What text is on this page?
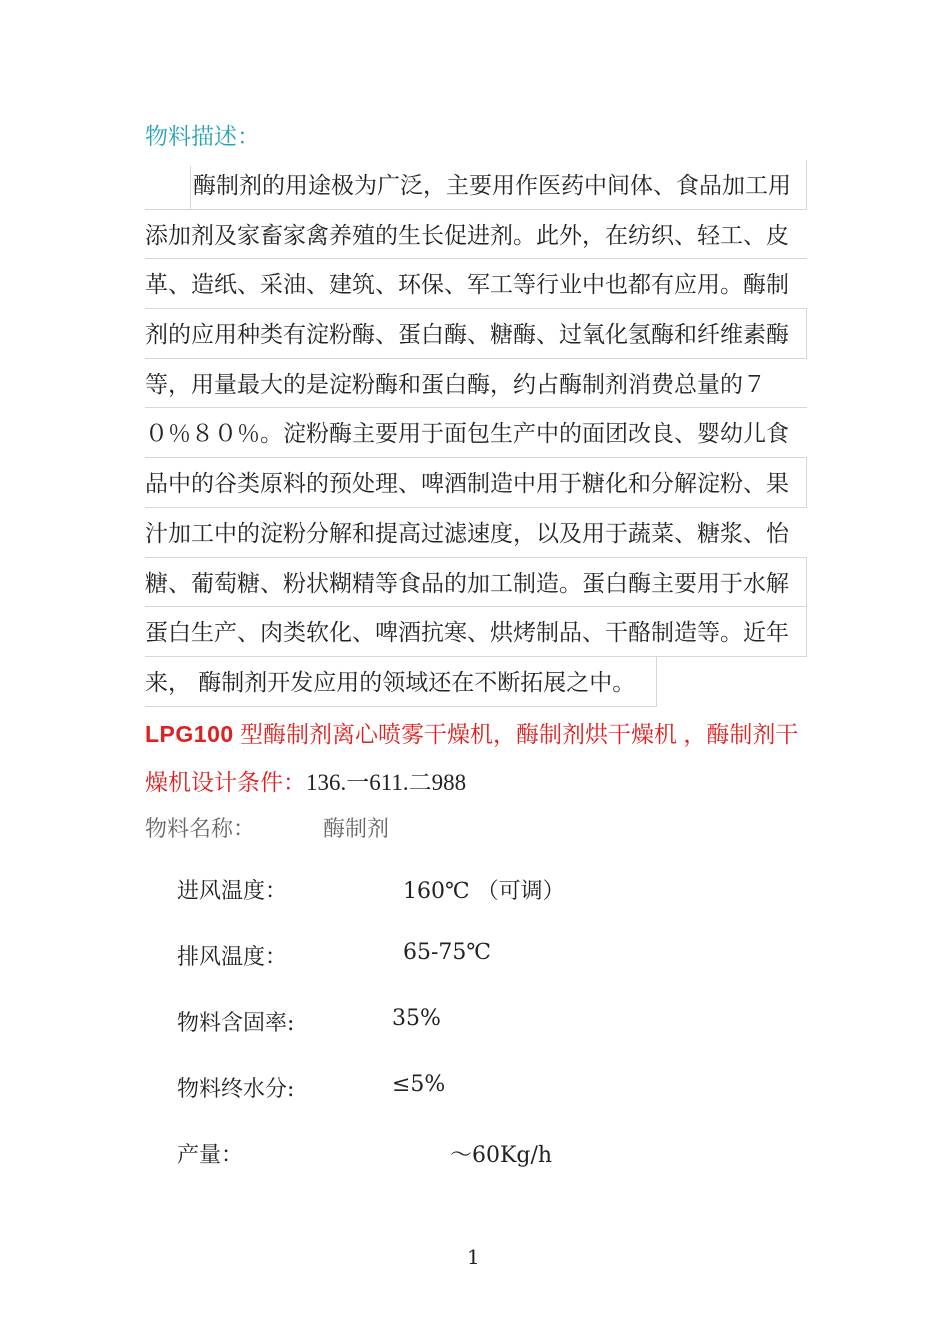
物料描述：
酶制剂的用途极为广泛，主要用作医药中间体、食品加工用
添加剂及家畜家禽养殖的生长促进剂。此外，在纺织、轻工、皮
革、造纸、采油、建筑、环保、军工等行业中也都有应用。酶制
剂的应用种类有淀粉酶、蛋白酶、糖酶、过氧化氢酶和纤维素酶
等，用量最大的是淀粉酶和蛋白酶，约占酶制剂消费总量的７
０％８０％。淀粉酶主要用于面包生产中的面团改良、婴幼儿食
品中的谷类原料的预处理、啤酒制造中用于糖化和分解淀粉、果
汁加工中的淀粉分解和提高过滤速度，以及用于蔬菜、糖浆、怡
糖、葡萄糖、粉状糊精等食品的加工制造。蛋白酶主要用于水解
蛋白生产、肉类软化、啤酒抗寒、烘烤制品、干酪制造等。近年
来， 酶制剂开发应用的领域还在不断拓展之中。
LPG100 型酶制剂离心喷雾干燥机，酶制剂烘干燥机 ，酶制剂干燥机设计条件：136.一611.二988
物料名称：	酶制剂
进风温度：	160℃ （可调）
排风温度：	65-75℃
物料含固率:	35%
物料终水分:	≤5%
产量：	～60Kg/h
1
